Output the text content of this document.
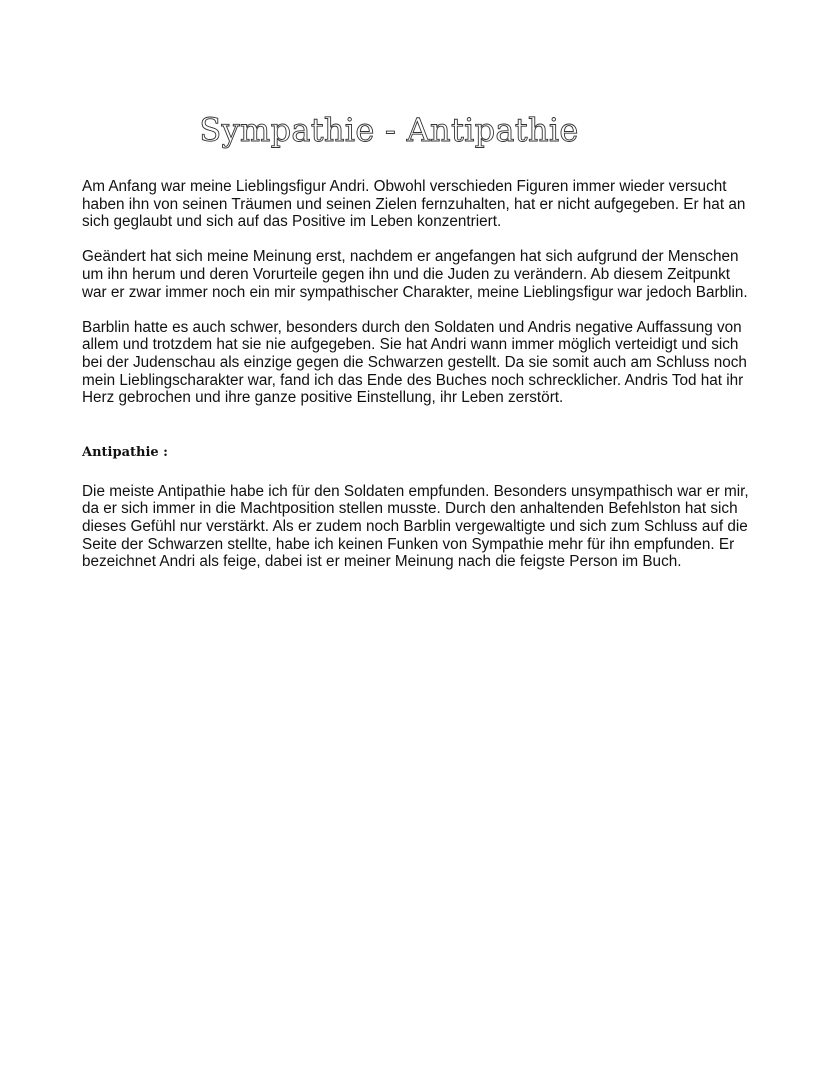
Sympathie - Antipathie

Am Anfang war meine Lieblingsfigur Andri. Obwohl verschieden Figuren immer wieder versucht haben ihn von seinen Träumen und seinen Zielen fernzuhalten, hat er nicht aufgegeben. Er hat an sich geglaubt und sich auf das Positive im Leben konzentriert.

Geändert hat sich meine Meinung erst, nachdem er angefangen hat sich aufgrund der Menschen um ihn herum und deren Vorurteile gegen ihn und die Juden zu verändern. Ab diesem Zeitpunkt war er zwar immer noch ein mir sympathischer Charakter, meine Lieblingsfigur war jedoch Barblin.

Barblin hatte es auch schwer, besonders durch den Soldaten und Andris negative Auffassung von allem und trotzdem hat sie nie aufgegeben. Sie hat Andri wann immer möglich verteidigt und sich bei der Judenschau als einzige gegen die Schwarzen gestellt. Da sie somit auch am Schluss noch mein Lieblingscharakter war, fand ich das Ende des Buches noch schrecklicher. Andris Tod hat ihr Herz gebrochen und ihre ganze positive Einstellung, ihr Leben zerstört.

Antipathie :

Die meiste Antipathie habe ich für den Soldaten empfunden. Besonders unsympathisch war er mir, da er sich immer in die Machtposition stellen musste. Durch den anhaltenden Befehlston hat sich dieses Gefühl nur verstärkt. Als er zudem noch Barblin vergewaltigte und sich zum Schluss auf die Seite der Schwarzen stellte, habe ich keinen Funken von Sympathie mehr für ihn empfunden. Er bezeichnet Andri als feige, dabei ist er meiner Meinung nach die feigste Person im Buch.
